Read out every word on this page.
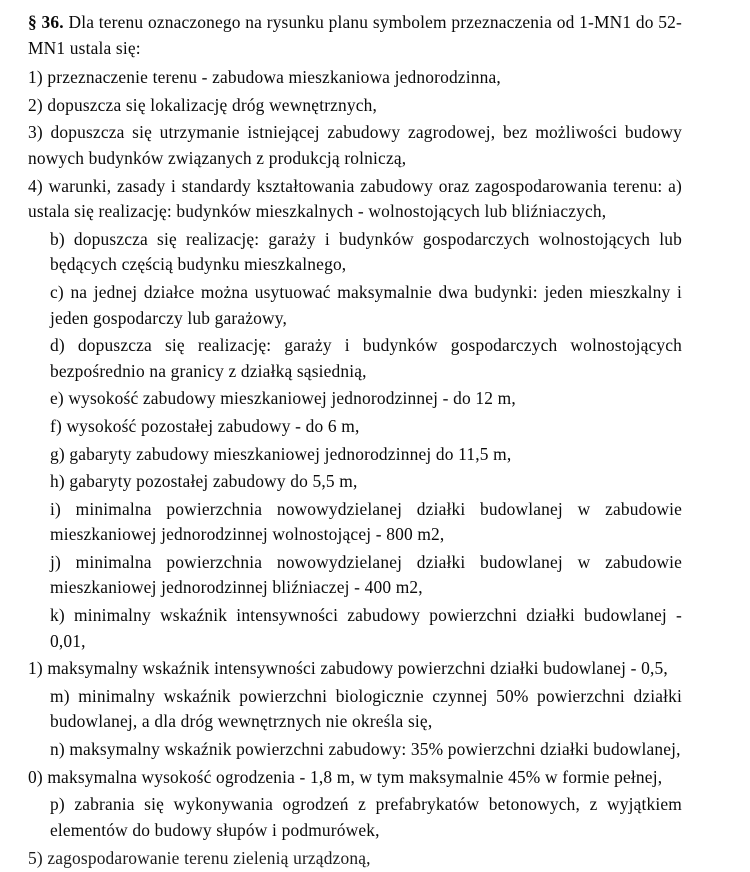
§ 36. Dla terenu oznaczonego na rysunku planu symbolem przeznaczenia od 1-MN1 do 52-MN1 ustala się:

1) przeznaczenie terenu - zabudowa mieszkaniowa jednorodzinna,

2) dopuszcza się lokalizację dróg wewnętrznych,

3) dopuszcza się utrzymanie istniejącej zabudowy zagrodowej, bez możliwości budowy nowych budynków związanych z produkcją rolniczą,

4) warunki, zasady i standardy kształtowania zabudowy oraz zagospodarowania terenu: a) ustala się realizację: budynków mieszkalnych - wolnostojących lub bliźniaczych,

b) dopuszcza się realizację: garaży i budynków gospodarczych wolnostojących lub będących częścią budynku mieszkalnego,

c) na jednej działce można usytuować maksymalnie dwa budynki: jeden mieszkalny i jeden gospodarczy lub garażowy,

d) dopuszcza się realizację: garaży i budynków gospodarczych wolnostojących bezpośrednio na granicy z działką sąsiednią,

e) wysokość zabudowy mieszkaniowej jednorodzinnej - do 12 m,

f) wysokość pozostałej zabudowy - do 6 m,

g) gabaryty zabudowy mieszkaniowej jednorodzinnej do 11,5 m,

h) gabaryty pozostałej zabudowy do 5,5 m,

i) minimalna powierzchnia nowowydzielanej działki budowlanej w zabudowie mieszkaniowej jednorodzinnej wolnostojącej - 800 m2,

j) minimalna powierzchnia nowowydzielanej działki budowlanej w zabudowie mieszkaniowej jednorodzinnej bliźniaczej - 400 m2,

k) minimalny wskaźnik intensywności zabudowy powierzchni działki budowlanej - 0,01,

1) maksymalny wskaźnik intensywności zabudowy powierzchni działki budowlanej - 0,5,

m) minimalny wskaźnik powierzchni biologicznie czynnej 50% powierzchni działki budowlanej, a dla dróg wewnętrznych nie określa się,

n) maksymalny wskaźnik powierzchni zabudowy: 35% powierzchni działki budowlanej,

0) maksymalna wysokość ogrodzenia - 1,8 m, w tym maksymalnie 45% w formie pełnej,

p) zabrania się wykonywania ogrodzeń z prefabrykatów betonowych, z wyjątkiem elementów do budowy słupów i podmurówek,

5) zagospodarowanie terenu zielenią urządzoną,
